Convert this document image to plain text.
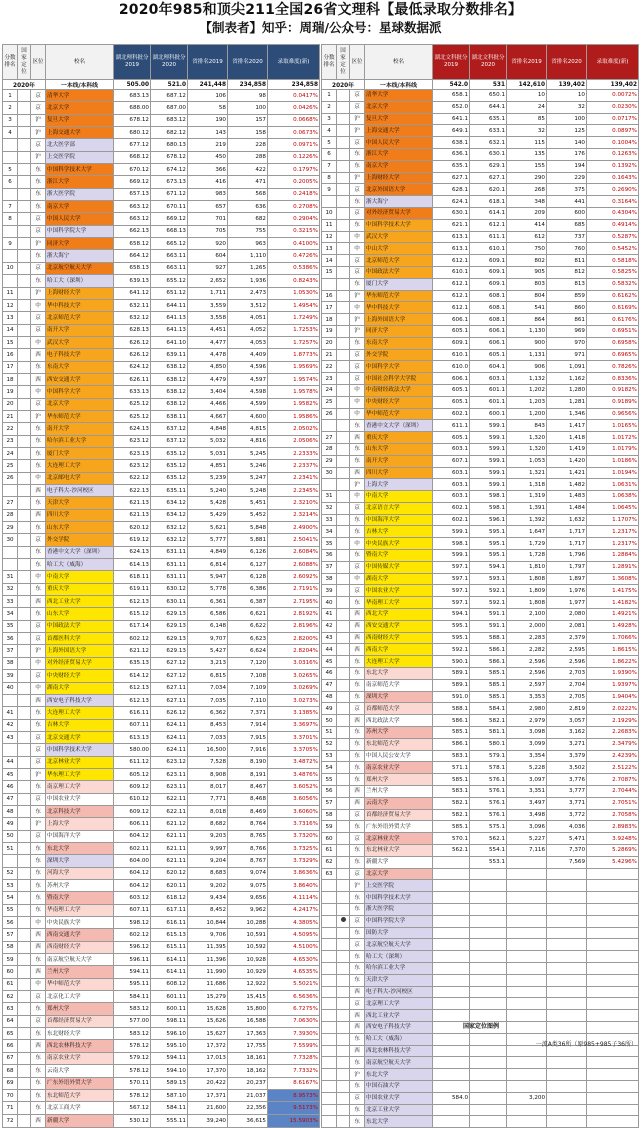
2020年985和顶尖211全国26省文理科【最低录取分数排名】
【制表者】知乎：周瑞/公众号：星球数据派
分数排名	国家定位	区位	校名	湖北理科批分2019	湖北理科批分2020	省排名2019	省排名2020	录取难度(新)
2020年			一本线/本科线	505.00	521.0	241,448	234,858	234,858
1		京	清华大学	683.13	687.12	106	98	0.0417%
2		京	北京大学	688.00	687.00	58	100	0.0426%
3		沪	复旦大学	678.12	683.12	190	157	0.0668%
4		沪	上海交通大学	680.12	682.12	143	158	0.0673%
		京	北大医学部	677.12	680.13	219	228	0.0971%
		沪	上交医学院	668.12	678.12	450	288	0.1226%
5		东	中国科学技术大学	670.12	674.12	366	422	0.1797%
6		东	浙江大学	669.12	673.13	416	471	0.2005%
		东	浙大医学院	657.13	671.12	983	568	0.2418%
7		东	南京大学	663.12	670.11	657	636	0.2708%
8		京	中国人民大学	663.12	669.12	701	682	0.2904%
		京	中国科学院大学	662.13	668.13	705	755	0.3215%
9		沪	同济大学	658.12	665.12	920	963	0.4100%
		东	浙大海宁	664.12	663.11	604	1,110	0.4726%
10		京	北京航空航天大学	658.13	663.11	927	1,265	0.5386%
		东	哈工大（深圳）	639.13	655.12	2,652	1,936	0.8243%
11		沪	上海财经大学	641.12	651.12	1,711	2,473	1.0530%
12		中	华中科技大学	632.11	644.11	3,559	3,512	1.4954%
13		京	北京师范大学	632.12	641.13	3,558	4,051	1.7249%
14		京	南开大学	628.13	641.13	4,451	4,052	1.7253%
15		中	武汉大学	626.12	641.10	4,477	4,053	1.7257%
16		西	电子科技大学	626.12	639.11	4,478	4,409	1.8773%
17		东	东南大学	624.12	638.12	4,850	4,596	1.9569%
18		西	西安交通大学	626.11	638.12	4,479	4,597	1.9574%
19		中	中国科学大学	633.13	638.12	3,404	4,598	1.9578%
20		京	北京大学	625.12	638.12	4,466	4,599	1.9582%
21		沪	华东师范大学	625.12	638.11	4,667	4,600	1.9586%
22		东	南开大学	624.13	637.12	4,848	4,815	2.0502%
23		东	哈尔滨工业大学	623.12	637.12	5,032	4,816	2.0506%
24		东	厦门大学	623.13	635.12	5,031	5,245	2.2333%
25		东	大连理工大学	623.12	635.12	4,851	5,246	2.2337%
26		中	北京邮电大学	622.12	635.12	5,239	5,247	2.2341%
		西	电子科大-沙河校区	622.13	635.11	5,240	5,248	2.2345%
27		东	天津大学	621.13	634.12	5,428	5,451	2.3210%
28		西	四川大学	621.13	634.12	5,429	5,452	2.3214%
29		东	山东大学	620.12	632.12	5,621	5,848	2.4900%
30		京	外交学院	619.12	632.12	5,777	5,881	2.5041%
		东	香港中文大学（深圳）	624.13	631.11	4,849	6,126	2.6084%
		东	哈工大（威海）	614.13	631.11	6,814	6,127	2.6088%
31		中	中南大学	618.11	631.11	5,947	6,128	2.6092%
32		东	重庆大学	619.11	630.12	5,778	6,386	2.7191%
33		西	西北工业大学	612.13	630.11	6,361	6,387	2.7195%
34		东	山东大学	615.12	629.13	6,586	6,621	2.8192%
35		京	中国政法大学	617.14	629.13	6,148	6,622	2.8196%
36		京	首都医科大学	602.12	629.13	9,707	6,623	2.8200%
37		沪	上海外国语大学	621.12	629.13	5,427	6,624	2.8204%
38		中	对外经济贸易大学	635.13	627.12	3,213	7,120	3.0316%
39		京	中央财经大学	614.12	627.12	6,815	7,108	3.0265%
40		中	湖南大学	612.13	627.11	7,034	7,109	3.0269%
		西	西安电子科技大学	612.13	627.11	7,035	7,110	3.0273%
41		东	大连理工大学	616.11	626.12	6,362	7,371	3.1385%
42		东	吉林大学	607.11	624.11	8,453	7,914	3.3697%
43		京	北京交通大学	613.13	624.11	7,033	7,915	3.3701%
		京	中国科学技术大学	580.00	624.11	16,500	7,916	3.3705%
44		京	北京林业大学	611.12	623.12	7,528	8,190	3.4872%
45		沪	华东理工大学	605.12	623.11	8,908	8,191	3.4876%
46		东	南京理工大学	609.12	623.11	8,017	8,467	3.6052%
47		京	中国农业大学	610.12	622.11	7,771	8,468	3.6056%
48		东	北京科技大学	609.12	622.11	8,018	8,469	3.6060%
49		沪	上海大学	606.11	621.12	8,682	8,764	3.7316%
50		京	中国海洋大学	604.12	621.11	9,203	8,765	3.7320%
51		东	东北大学	602.11	621.11	9,997	8,766	3.7325%
		东	深圳大学	604.00	621.11	9,204	8,767	3.7329%
52		东	河海大学	604.12	620.12	8,683	9,074	3.8636%
53		东	苏州大学	604.12	620.11	9,202	9,075	3.8640%
54		东	暨南大学	603.12	618.12	9,434	9,656	4.1114%
55		东	华南理工大学	607.11	617.11	8,452	9,962	4.2417%
56		中	中央民族大学	598.12	616.11	10,844	10,288	4.3805%
57		西	西南交通大学	602.12	615.13	9,706	10,591	4.5095%
58		西	西南财经大学	596.12	615.11	11,395	10,592	4.5100%
59		东	南京航空航天大学	596.11	614.11	11,396	10,928	4.6530%
60		西	兰州大学	594.11	614.11	11,990	10,929	4.6535%
61		中	华中师范大学	595.11	608.12	11,686	12,922	5.5021%
62		京	北京化工大学	584.11	601.11	15,279	15,415	6.5636%
63		东	郑州大学	583.12	600.11	15,628	15,800	6.7275%
64		京	首都经济贸易大学	577.00	598.11	15,626	16,588	7.0630%
65		东	东北财经大学	583.12	596.10	15,627	17,363	7.3930%
66		西	西北农林科技大学	578.12	595.10	17,372	17,755	7.5599%
67		东	南京农业大学	579.12	594.11	17,013	18,161	7.7328%
68		东	云南大学	578.12	594.10	17,370	18,162	7.7332%
69		东	广东外语外贸大学	570.11	589.13	20,422	20,237	8.6167%
70		东	东北师范大学	578.12	587.10	17,371	21,037	8.9573%
71		东	北京工商大学	567.12	584.11	21,600	22,356	9.5173%
72		西	新疆大学	530.12	555.11	39,240	36,615	15.5903%
分数排名	国家定位	区位	校名	湖北文科批分2019	湖北文科批分2020	省排名2019	省排名2020	录取难度(新)
2020年			一本线/本科线	542.0	531	142,610	139,402	139,402
1		京	清华大学	658.1	650.1	10	10	0.0072%
2		京	北京大学	652.0	644.1	24	32	0.0230%
3		沪	复旦大学	641.1	635.1	85	100	0.0717%
4		沪	上海交通大学	649.1	633.1	32	125	0.0897%
5		京	中国人民大学	638.1	632.1	115	140	0.1004%
6		东	浙江大学	636.1	630.1	135	176	0.1263%
7		东	南京大学	635.1	629.1	155	194	0.1392%
8		沪	上海财经大学	627.1	627.1	290	229	0.1643%
9		京	北京外国语大学	628.1	620.1	268	375	0.2690%
		东	浙大海宁	624.1	618.1	348	441	0.3164%
10		京	对外经济贸易大学	630.1	614.1	209	600	0.4304%
11		东	中国科学技术大学	621.1	612.1	414	685	0.4914%
12		中	武汉大学	613.1	611.1	612	737	0.5287%
13		中	中山大学	613.1	610.1	750	760	0.5452%
14		京	北京师范大学	612.1	609.1	802	811	0.5818%
15		京	中国政法大学	610.1	609.1	905	812	0.5825%
		东	厦门大学	612.1	609.1	803	813	0.5832%
16		沪	华东师范大学	612.1	608.1	804	859	0.6162%
17		中	华中科技大学	612.1	608.1	541	860	0.6169%
18		沪	上海外国语大学	606.1	608.1	864	861	0.6176%
19		沪	同济大学	605.1	606.1	1,130	969	0.6951%
20		东	东南大学	609.1	606.1	900	970	0.6958%
21		京	外交学院	610.1	605.1	1,131	971	0.6965%
22		京	中国科学大学	610.0	604.1	906	1,091	0.7826%
23		京	中国社会科学大学院	606.1	603.1	1,132	1,162	0.8336%
24		中	中南财经政法大学	605.1	601.1	1,202	1,280	0.9182%
25		中	中央财经大学	605.1	601.1	1,203	1,281	0.9189%
26		中	华中师范大学	602.1	600.1	1,200	1,346	0.9656%
		东	香港中文大学（深圳）	611.1	599.1	843	1,417	1.0165%
27		西	重庆大学	605.1	599.1	1,320	1,418	1.0172%
28		东	山东大学	603.1	599.1	1,320	1,419	1.0179%
29		东	南开大学	607.1	599.1	1,053	1,420	1.0186%
30		西	四川大学	603.1	599.1	1,321	1,421	1.0194%
		沪	上海大学	603.1	599.1	1,318	1,482	1.0631%
31		中	中南大学	603.1	598.1	1,319	1,483	1.0638%
32		京	北京语言大学	602.1	598.1	1,391	1,484	1.0645%
33		东	中国海洋大学	602.1	596.1	1,392	1,632	1.1707%
34		东	吉林大学	599.1	595.1	1,647	1,717	1.2317%
35		中	中央民族大学	598.1	595.1	1,729	1,717	1.2317%
36		东	暨南大学	599.1	595.1	1,728	1,796	1.2884%
37		京	中国传媒大学	597.1	594.1	1,810	1,797	1.2891%
38		中	湖南大学	597.1	593.1	1,808	1,897	1.3608%
39		京	中国农业大学	597.1	592.1	1,809	1,976	1.4175%
40		东	华南理工大学	597.1	592.1	1,808	1,977	1.4182%
41		西	西北大学	594.1	591.1	2,100	2,080	1.4921%
42		西	西安交通大学	595.1	591.1	2,000	2,081	1.4928%
43		西	西南财经大学	595.1	588.1	2,283	2,379	1.7066%
44		西	西南大学	592.1	586.1	2,282	2,595	1.8615%
45		东	大连理工大学	590.1	586.1	2,596	2,596	1.8622%
46		东	东北大学	589.1	585.1	2,596	2,703	1.9390%
47		东	南京师范大学	589.1	585.1	2,597	2,704	1.9397%
48		东	深圳大学	591.0	585.1	3,353	2,705	1.9404%
49		京	首都师范大学	588.1	584.1	2,980	2,819	2.0222%
50		西	西北政法大学	586.1	582.1	2,979	3,057	2.1929%
51		东	苏州大学	585.1	581.1	3,098	3,162	2.2683%
52		东	东北师范大学	586.1	580.1	3,099	3,271	2.3479%
53		东	中国人民公安大学	583.1	579.1	3,354	3,379	2.4239%
54		东	南京农业大学	571.1	578.1	5,228	3,502	2.5122%
55		东	郑州大学	585.1	576.1	3,097	3,776	2.7087%
56		西	兰州大学	583.1	576.1	3,351	3,777	2.7044%
57		西	云南大学	582.1	576.1	3,497	3,771	2.7051%
58		京	首都经济贸易大学	582.1	576.1	3,498	3,772	2.7058%
59		东	广东外语外贸大学	585.1	575.1	3,096	4,036	2.8983%
60		京	北京林业大学	570.1	562.1	5,227	5,471	3.9248%
61		东	东北林业大学	562.1	554.1	7,116	7,370	5.2869%
62		东	新疆大学		553.1		7,569	5.4296%
63		京	北京大学					
		沪	上交医学院					
		东	中国科学技术大学					
		东	浙大医学院					
		京	中国科学院大学					
		东	国防大学					
		京	北京航空航天大学					
		东	哈工大（深圳）					
		东	哈尔滨工业大学					
		东	天津大学					
		西	电子科大-沙河校区					
		京	北京理工大学					
		西	西北工业大学					
		西	西安电子科技大学					
		东	哈工大（威海）					
		西	西北农林科技大学					
		东	南京航空航天大学					
		沪	东北大学					
		东	中国石油大学					
		京	中国农业大学	584.0		3,200		
		东	北京工业大学					
		东	东北大学					
国家定位图例
一流A类36所（原985+985子36所）
